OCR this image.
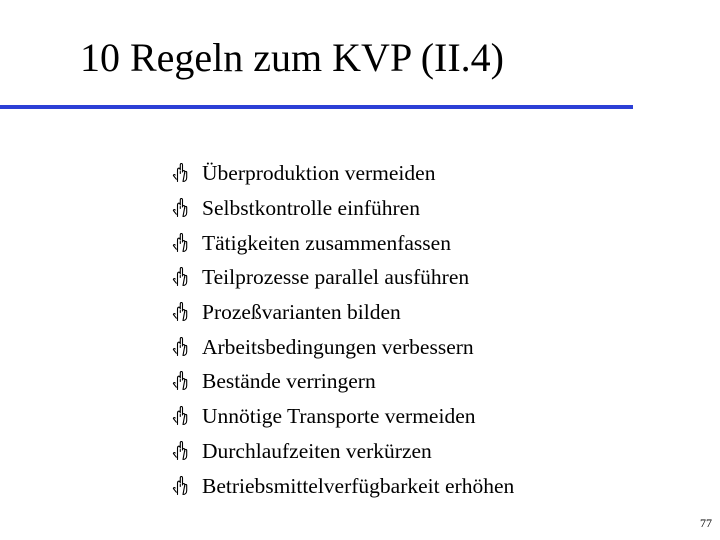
10 Regeln zum KVP (II.4)
Überproduktion vermeiden
Selbstkontrolle einführen
Tätigkeiten zusammenfassen
Teilprozesse parallel ausführen
Prozeßvarianten bilden
Arbeitsbedingungen verbessern
Bestände verringern
Unnötige Transporte vermeiden
Durchlaufzeiten verkürzen
Betriebsmittelverfügbarkeit erhöhen
77
